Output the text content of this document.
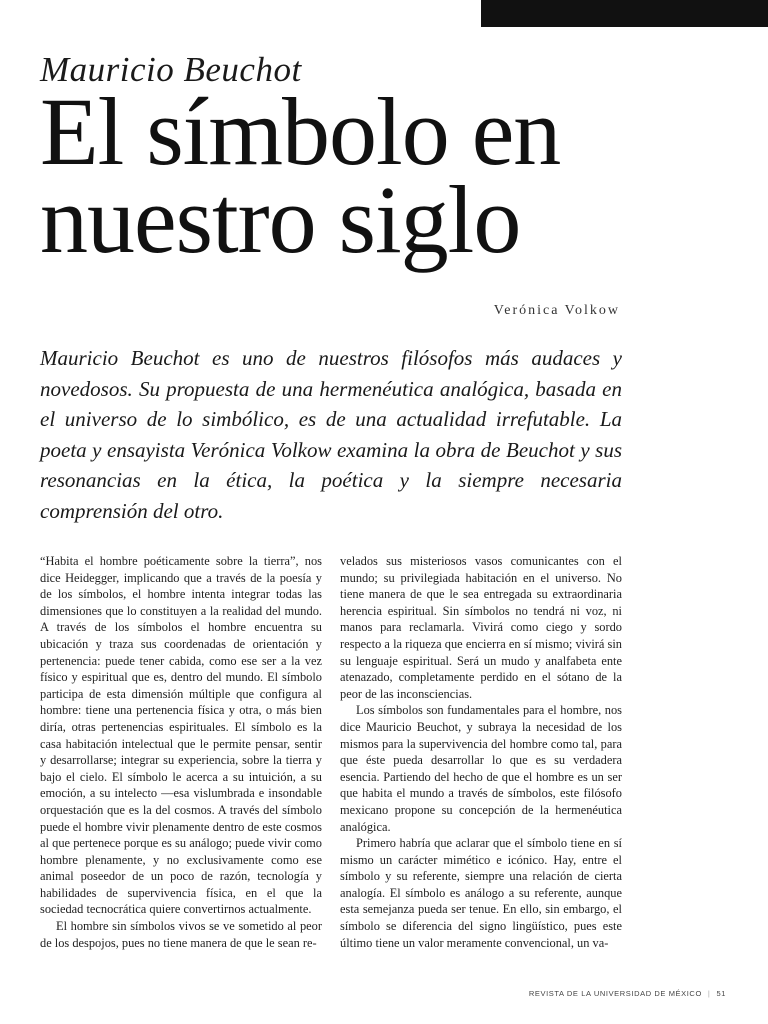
Mauricio Beuchot
El símbolo en
nuestro siglo
Verónica Volkow

Mauricio Beuchot es uno de nuestros filósofos más audaces y novedosos. Su propuesta de una hermenéutica analógica, basada en el universo de lo simbólico, es de una actualidad irrefutable. La poeta y ensayista Verónica Volkow examina la obra de Beuchot y sus resonancias en la ética, la poética y la siempre necesaria comprensión del otro.

“Habita el hombre poéticamente sobre la tierra”, nos dice Heidegger, implicando que a través de la poesía y de los símbolos, el hombre intenta integrar todas las dimensiones que lo constituyen a la realidad del mundo. A través de los símbolos el hombre encuentra su ubicación y traza sus coordenadas de orientación y pertenencia: puede tener cabida, como ese ser a la vez físico y espiritual que es, dentro del mundo. El símbolo participa de esta dimensión múltiple que configura al hombre: tiene una pertenencia física y otra, o más bien diría, otras pertenencias espirituales. El símbolo es la casa habitación intelectual que le permite pensar, sentir y desarrollarse; integrar su experiencia, sobre la tierra y bajo el cielo. El símbolo le acerca a su intuición, a su emoción, a su intelecto —esa vislumbrada e insondable orquestación que es la del cosmos. A través del símbolo puede el hombre vivir plenamente dentro de este cosmos al que pertenece porque es su análogo; puede vivir como hombre plenamente, y no exclusivamente como ese animal poseedor de un poco de razón, tecnología y habilidades de supervivencia física, en el que la sociedad tecnocrática quiere convertirnos actualmente.

El hombre sin símbolos vivos se ve sometido al peor de los despojos, pues no tiene manera de que le sean re-

velados sus misteriosos vasos comunicantes con el mundo; su privilegiada habitación en el universo. No tiene manera de que le sea entregada su extraordinaria herencia espiritual. Sin símbolos no tendrá ni voz, ni manos para reclamarla. Vivirá como ciego y sordo respecto a la riqueza que encierra en sí mismo; vivirá sin su lenguaje espiritual. Será un mudo y analfabeta ente atenazado, completamente perdido en el sótano de la peor de las inconsciencias.

Los símbolos son fundamentales para el hombre, nos dice Mauricio Beuchot, y subraya la necesidad de los mismos para la supervivencia del hombre como tal, para que éste pueda desarrollar lo que es su verdadera esencia. Partiendo del hecho de que el hombre es un ser que habita el mundo a través de símbolos, este filósofo mexicano propone su concepción de la hermenéutica analógica.

Primero habría que aclarar que el símbolo tiene en sí mismo un carácter mimético e icónico. Hay, entre el símbolo y su referente, siempre una relación de cierta analogía. El símbolo es análogo a su referente, aunque esta semejanza pueda ser tenue. En ello, sin embargo, el símbolo se diferencia del signo lingüístico, pues este último tiene un valor meramente convencional, un va-

REVISTA DE LA UNIVERSIDAD DE MÉXICO | 51
